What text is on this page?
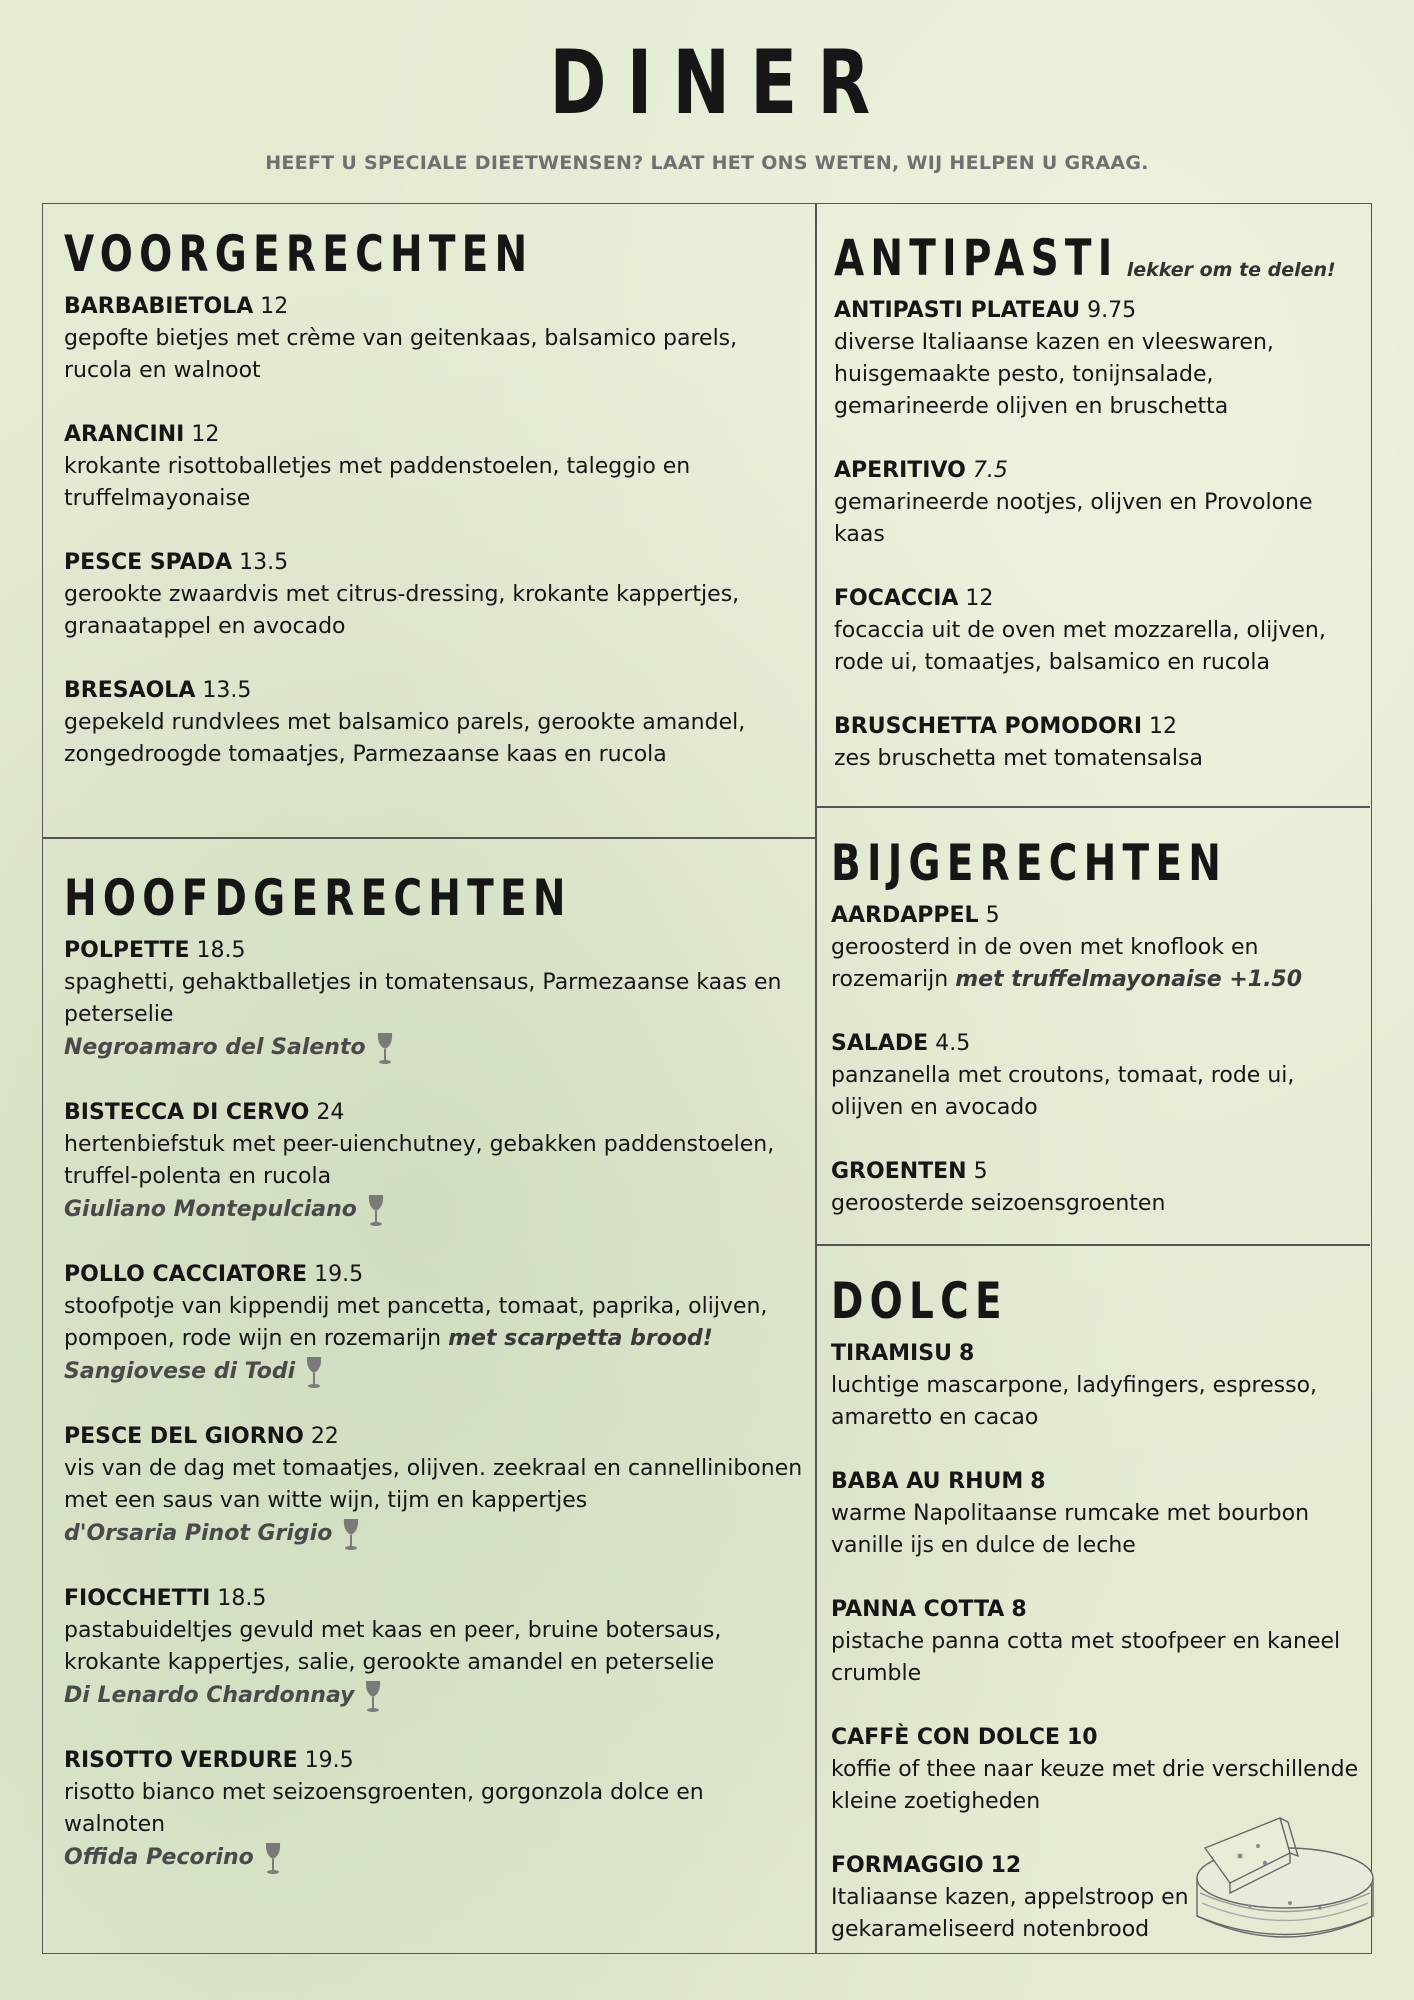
DINER
HEEFT U SPECIALE DIEETWENSEN? LAAT HET ONS WETEN, WIJ HELPEN U GRAAG.
VOORGERECHTEN
BARBABIETOLA 12
gepofte bietjes met crème van geitenkaas, balsamico parels, rucola en walnoot
ARANCINI 12
krokante risottoballetjes met paddenstoelen, taleggio en truffelmayonaise
PESCE SPADA 13.5
gerookte zwaardvis met citrus-dressing, krokante kappertjes, granaatappel en avocado
BRESAOLA 13.5
gepekeld rundvlees met balsamico parels, gerookte amandel, zongedroogde tomaatjes, Parmezaanse kaas en rucola
HOOFDGERECHTEN
POLPETTE 18.5
spaghetti, gehaktballetjes in tomatensaus, Parmezaanse kaas en peterselie
Negroamaro del Salento
BISTECCA DI CERVO 24
hertenbiefstuk met peer-uienchutney, gebakken paddenstoelen, truffel-polenta en rucola
Giuliano Montepulciano
POLLO CACCIATORE 19.5
stoofpotje van kippendij met pancetta, tomaat, paprika, olijven, pompoen, rode wijn en rozemarijn met scarpetta brood!
Sangiovese di Todi
PESCE DEL GIORNO 22
vis van de dag met tomaatjes, olijven. zeekraal en cannellinibonen met een saus van witte wijn, tijm en kappertjes
d'Orsaria Pinot Grigio
FIOCCHETTI 18.5
pastabuideltjes gevuld met kaas en peer, bruine botersaus, krokante kappertjes, salie, gerookte amandel en peterselie
Di Lenardo Chardonnay
RISOTTO VERDURE 19.5
risotto bianco met seizoensgroenten, gorgonzola dolce en walnoten
Offida Pecorino
ANTIPASTI lekker om te delen!
ANTIPASTI PLATEAU 9.75
diverse Italiaanse kazen en vleeswaren, huisgemaakte pesto, tonijnsalade, gemarineerde olijven en bruschetta
APERITIVO 7.5
gemarineerde nootjes, olijven en Provolone kaas
FOCACCIA 12
focaccia uit de oven met mozzarella, olijven, rode ui, tomaatjes, balsamico en rucola
BRUSCHETTA POMODORI 12
zes bruschetta met tomatensalsa
BIJGERECHTEN
AARDAPPEL 5
geroosterd in de oven met knoflook en rozemarijn met truffelmayonaise +1.50
SALADE 4.5
panzanella met croutons, tomaat, rode ui, olijven en avocado
GROENTEN 5
geroosterde seizoensgroenten
DOLCE
TIRAMISU 8
luchtige mascarpone, ladyfingers, espresso, amaretto en cacao
BABA AU RHUM 8
warme Napolitaanse rumcake met bourbon vanille ijs en dulce de leche
PANNA COTTA 8
pistache panna cotta met stoofpeer en kaneel crumble
CAFFÈ CON DOLCE 10
koffie of thee naar keuze met drie verschillende kleine zoetigheden
FORMAGGIO 12
Italiaanse kazen, appelstroop en gekarameliseerd notenbrood
